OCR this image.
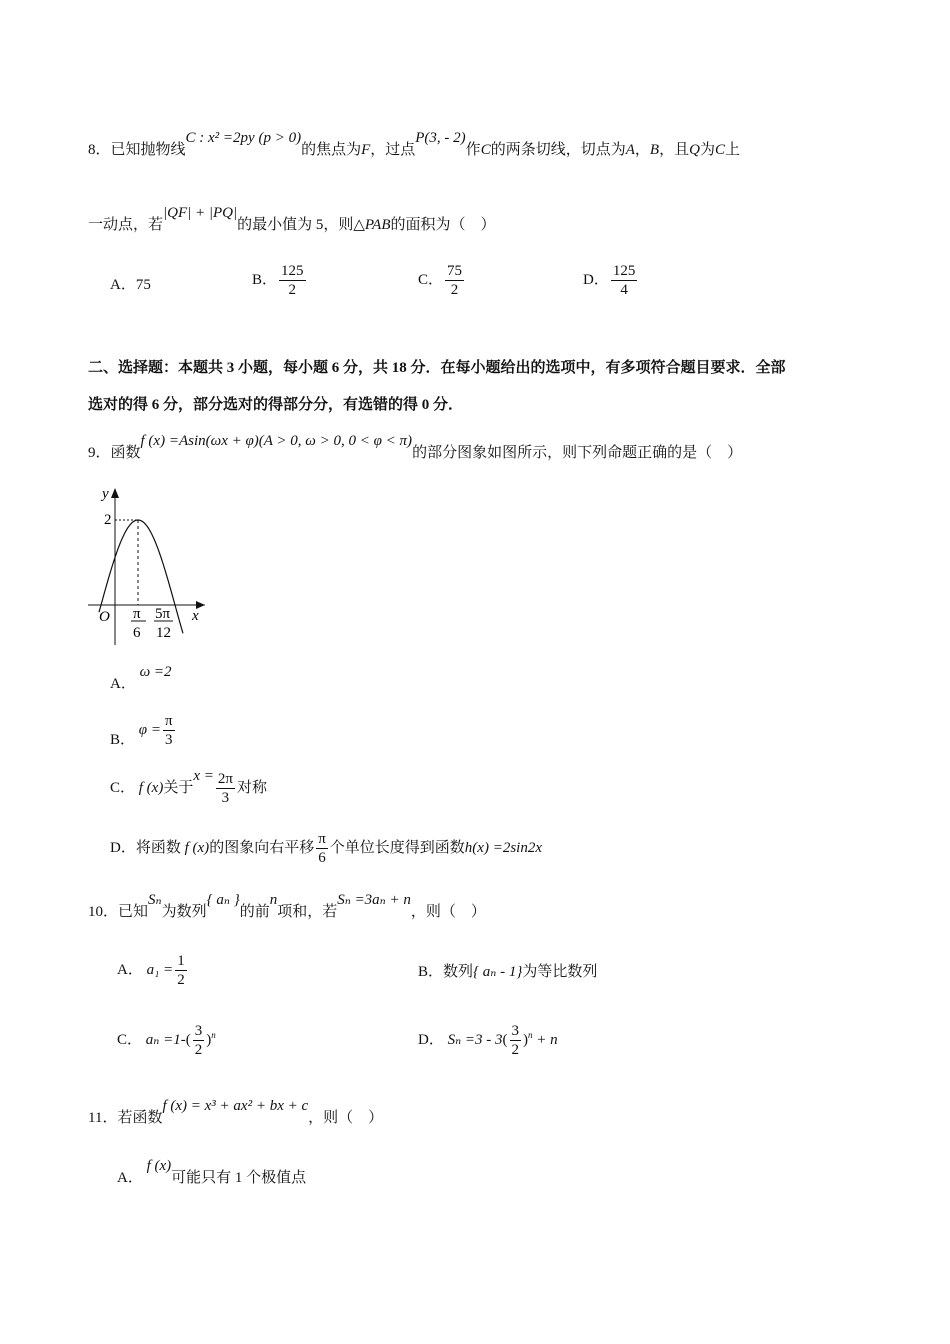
8．已知抛物线C : x² =2py (p > 0)的焦点为F，过点P(3, - 2)作C的两条切线，切点为A，B，且Q为C上
一动点，若|QF| + |PQ|的最小值为 5，则△PAB的面积为（　）
A．75	B． $\frac{125}{2}$	C． $\frac{75}{2}$	D． $\frac{125}{4}$
二、选择题：本题共 3 小题，每小题 6 分，共 18 分．在每小题给出的选项中，有多项符合题目要求．全部
选对的得 6 分，部分选对的得部分分，有选错的得 0 分．
9．函数f (x) =Asin(ωx + φ)(A > 0, ω > 0, 0 < φ < π)的部分图象如图所示，则下列命题正确的是（　）
y
x
O
2
π
6
5π
12
A． ω =2
B． $\varphi = \frac{\pi}{3}$
C． f (x)关于$x = \frac{2\pi}{3}$ 对称
D．将函数 f (x)的图象向右平移 $\frac{\pi}{6}$ 个单位长度得到函数h(x) =2sin2x
10．已知Sₙ为数列{ aₙ }的前n项和，若Sₙ =3aₙ + n，则（　）
A． $a_1 = \frac{1}{2}$	B．数列{ aₙ - 1}为等比数列
C． $a_n =1-( \frac{3}{2} )^n$	D． $S_n =3 - 3( \frac{3}{2} )^n + n$
11．若函数f (x) = x³ + ax² + bx + c，则（　）
A． f (x)可能只有 1 个极值点
